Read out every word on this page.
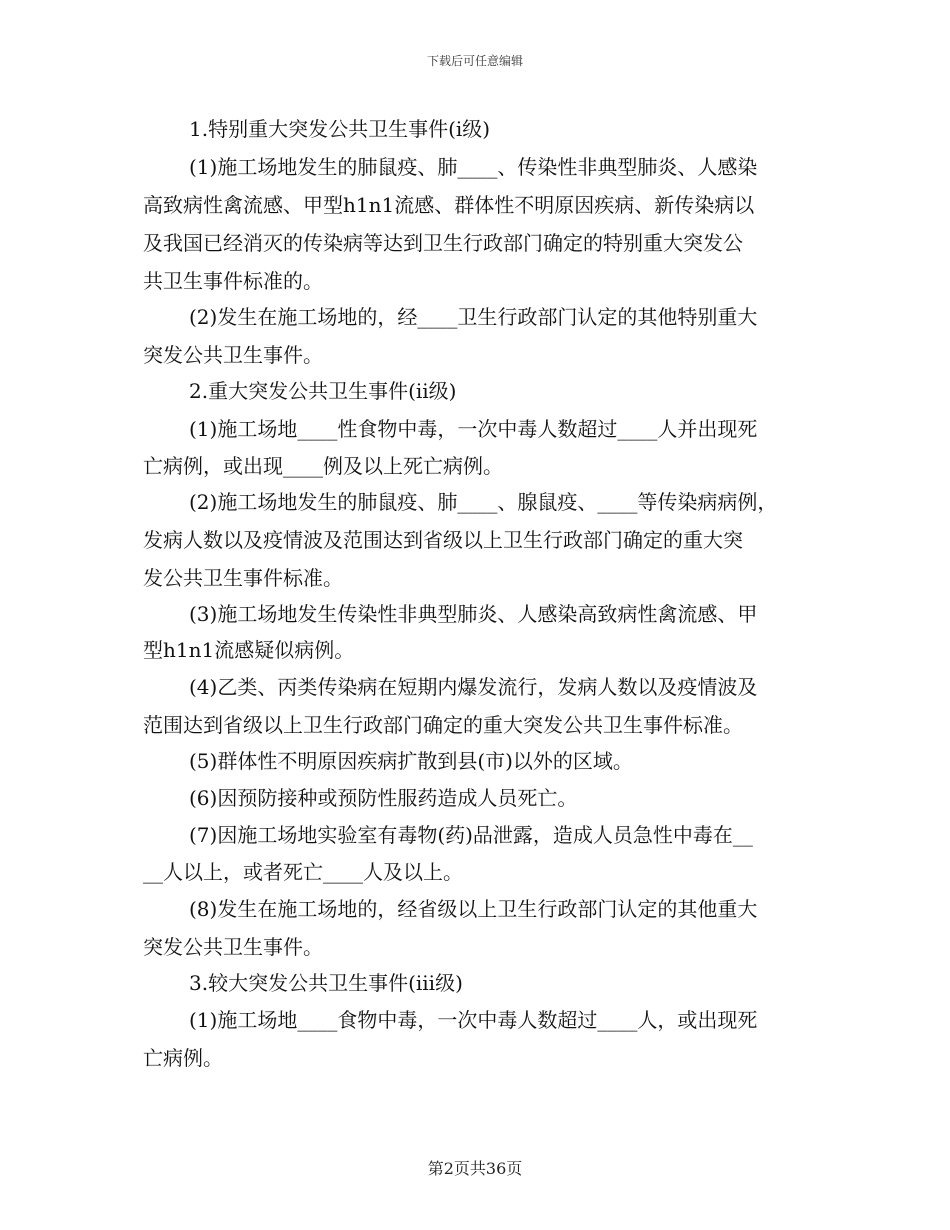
下载后可任意编辑
1.特别重大突发公共卫生事件(i级)
(1)施工场地发生的肺鼠疫、肺____、传染性非典型肺炎、人感染
高致病性禽流感、甲型h1n1流感、群体性不明原因疾病、新传染病以
及我国已经消灭的传染病等达到卫生行政部门确定的特别重大突发公
共卫生事件标准的。
(2)发生在施工场地的，经____卫生行政部门认定的其他特别重大
突发公共卫生事件。
2.重大突发公共卫生事件(ii级)
(1)施工场地____性食物中毒，一次中毒人数超过____人并出现死
亡病例，或出现____例及以上死亡病例。
(2)施工场地发生的肺鼠疫、肺____、腺鼠疫、____等传染病病例，
发病人数以及疫情波及范围达到省级以上卫生行政部门确定的重大突
发公共卫生事件标准。
(3)施工场地发生传染性非典型肺炎、人感染高致病性禽流感、甲
型h1n1流感疑似病例。
(4)乙类、丙类传染病在短期内爆发流行，发病人数以及疫情波及
范围达到省级以上卫生行政部门确定的重大突发公共卫生事件标准。
(5)群体性不明原因疾病扩散到县(市)以外的区域。
(6)因预防接种或预防性服药造成人员死亡。
(7)因施工场地实验室有毒物(药)品泄露，造成人员急性中毒在__
__人以上，或者死亡____人及以上。
(8)发生在施工场地的，经省级以上卫生行政部门认定的其他重大
突发公共卫生事件。
3.较大突发公共卫生事件(iii级)
(1)施工场地____食物中毒，一次中毒人数超过____人，或出现死
亡病例。
第2页共36页
